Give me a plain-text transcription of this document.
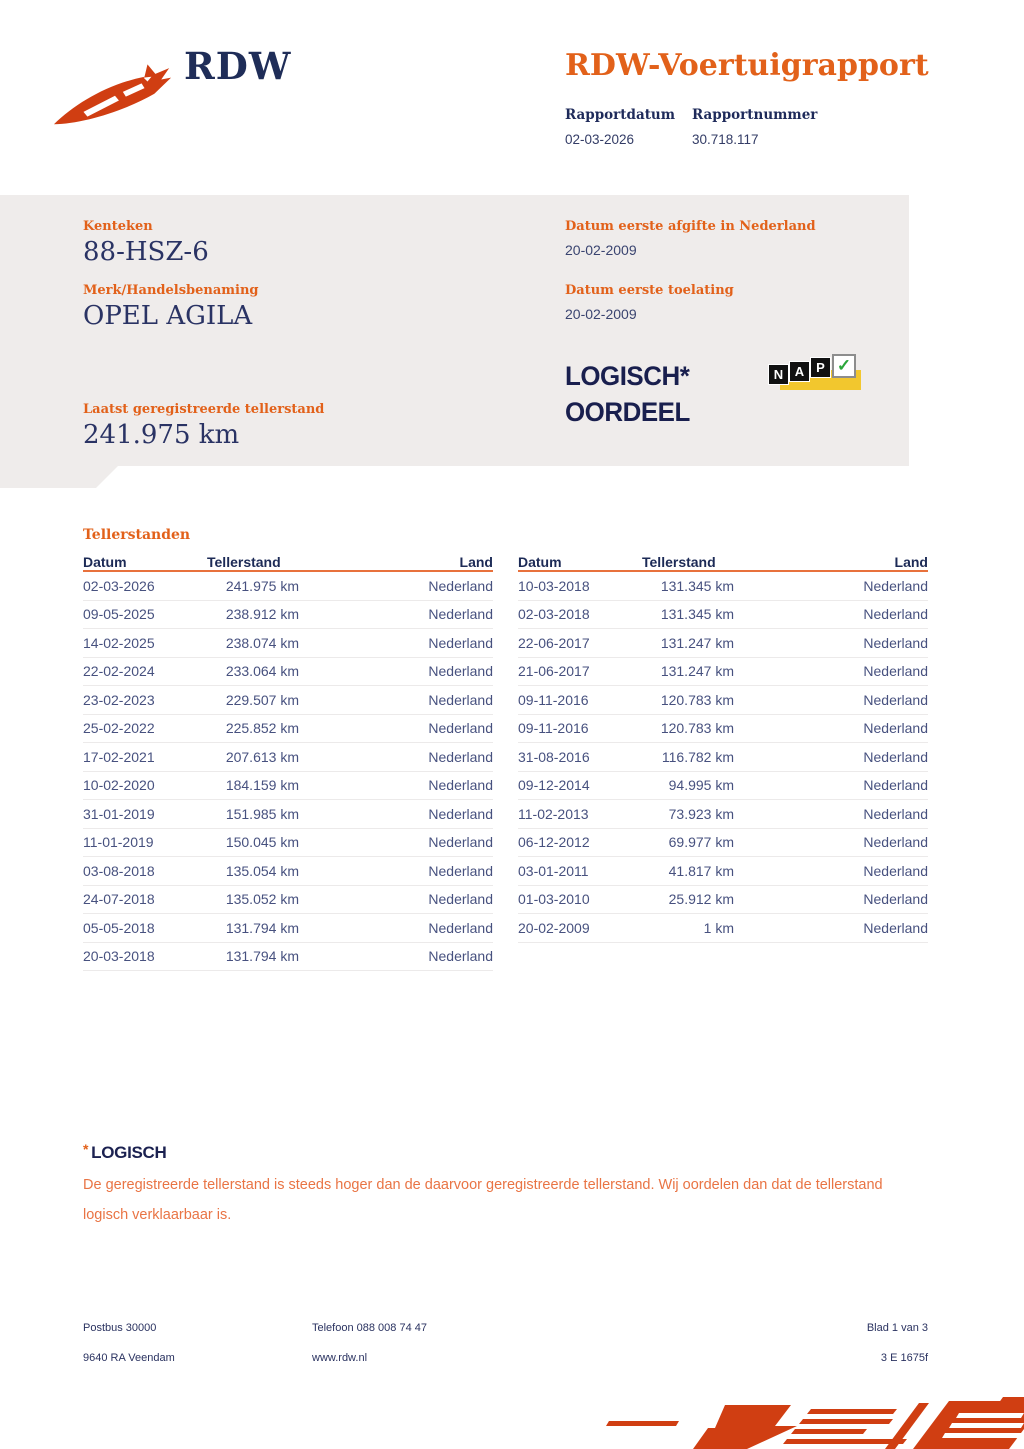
RDW	RDW-Voertuigrapport
Rapportdatum
02-03-2026
Rapportnummer
30.718.117
Kenteken
88-HSZ-6
Merk/Handelsbenaming
OPEL AGILA
Laatst geregistreerde tellerstand
241.975 km
Datum eerste afgifte in Nederland
20-02-2009
Datum eerste toelating
20-02-2009
LOGISCH*
OORDEEL
N A P ✓
Tellerstanden
Datum	Tellerstand	Land
02-03-2026	241.975 km	Nederland
09-05-2025	238.912 km	Nederland
14-02-2025	238.074 km	Nederland
22-02-2024	233.064 km	Nederland
23-02-2023	229.507 km	Nederland
25-02-2022	225.852 km	Nederland
17-02-2021	207.613 km	Nederland
10-02-2020	184.159 km	Nederland
31-01-2019	151.985 km	Nederland
11-01-2019	150.045 km	Nederland
03-08-2018	135.054 km	Nederland
24-07-2018	135.052 km	Nederland
05-05-2018	131.794 km	Nederland
20-03-2018	131.794 km	Nederland
Datum	Tellerstand	Land
10-03-2018	131.345 km	Nederland
02-03-2018	131.345 km	Nederland
22-06-2017	131.247 km	Nederland
21-06-2017	131.247 km	Nederland
09-11-2016	120.783 km	Nederland
09-11-2016	120.783 km	Nederland
31-08-2016	116.782 km	Nederland
09-12-2014	94.995 km	Nederland
11-02-2013	73.923 km	Nederland
06-12-2012	69.977 km	Nederland
03-01-2011	41.817 km	Nederland
01-03-2010	25.912 km	Nederland
20-02-2009	1 km	Nederland
* LOGISCH
De geregistreerde tellerstand is steeds hoger dan de daarvoor geregistreerde tellerstand. Wij oordelen dan dat de tellerstand logisch verklaarbaar is.
Postbus 30000	Telefoon 088 008 74 47	Blad 1 van 3
9640 RA Veendam	www.rdw.nl	3 E 1675f
